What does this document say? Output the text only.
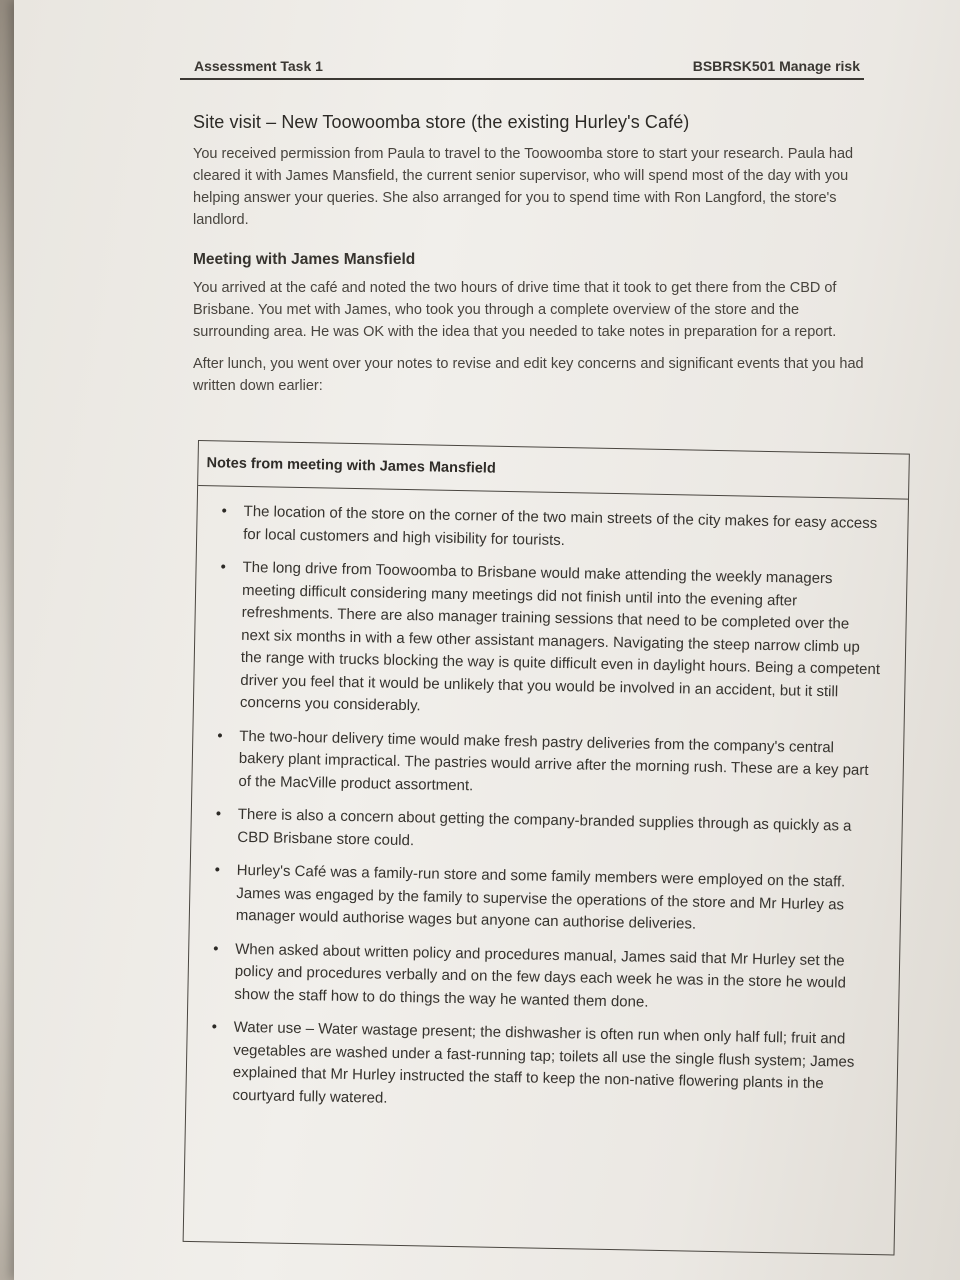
Assessment Task 1	BSBRSK501 Manage risk
Site visit – New Toowoomba store (the existing Hurley's Café)

You received permission from Paula to travel to the Toowoomba store to start your research. Paula had cleared it with James Mansfield, the current senior supervisor, who will spend most of the day with you helping answer your queries. She also arranged for you to spend time with Ron Langford, the store's landlord.

Meeting with James Mansfield

You arrived at the café and noted the two hours of drive time that it took to get there from the CBD of Brisbane. You met with James, who took you through a complete overview of the store and the surrounding area. He was OK with the idea that you needed to take notes in preparation for a report.

After lunch, you went over your notes to revise and edit key concerns and significant events that you had written down earlier:

Notes from meeting with James Mansfield
• The location of the store on the corner of the two main streets of the city makes for easy access for local customers and high visibility for tourists.
• The long drive from Toowoomba to Brisbane would make attending the weekly managers meeting difficult considering many meetings did not finish until into the evening after refreshments. There are also manager training sessions that need to be completed over the next six months in with a few other assistant managers. Navigating the steep narrow climb up the range with trucks blocking the way is quite difficult even in daylight hours. Being a competent driver you feel that it would be unlikely that you would be involved in an accident, but it still concerns you considerably.
• The two-hour delivery time would make fresh pastry deliveries from the company's central bakery plant impractical. The pastries would arrive after the morning rush. These are a key part of the MacVille product assortment.
• There is also a concern about getting the company-branded supplies through as quickly as a CBD Brisbane store could.
• Hurley's Café was a family-run store and some family members were employed on the staff. James was engaged by the family to supervise the operations of the store and Mr Hurley as manager would authorise wages but anyone can authorise deliveries.
• When asked about written policy and procedures manual, James said that Mr Hurley set the policy and procedures verbally and on the few days each week he was in the store he would show the staff how to do things the way he wanted them done.
• Water use – Water wastage present; the dishwasher is often run when only half full; fruit and vegetables are washed under a fast-running tap; toilets all use the single flush system; James explained that Mr Hurley instructed the staff to keep the non-native flowering plants in the courtyard fully watered.
